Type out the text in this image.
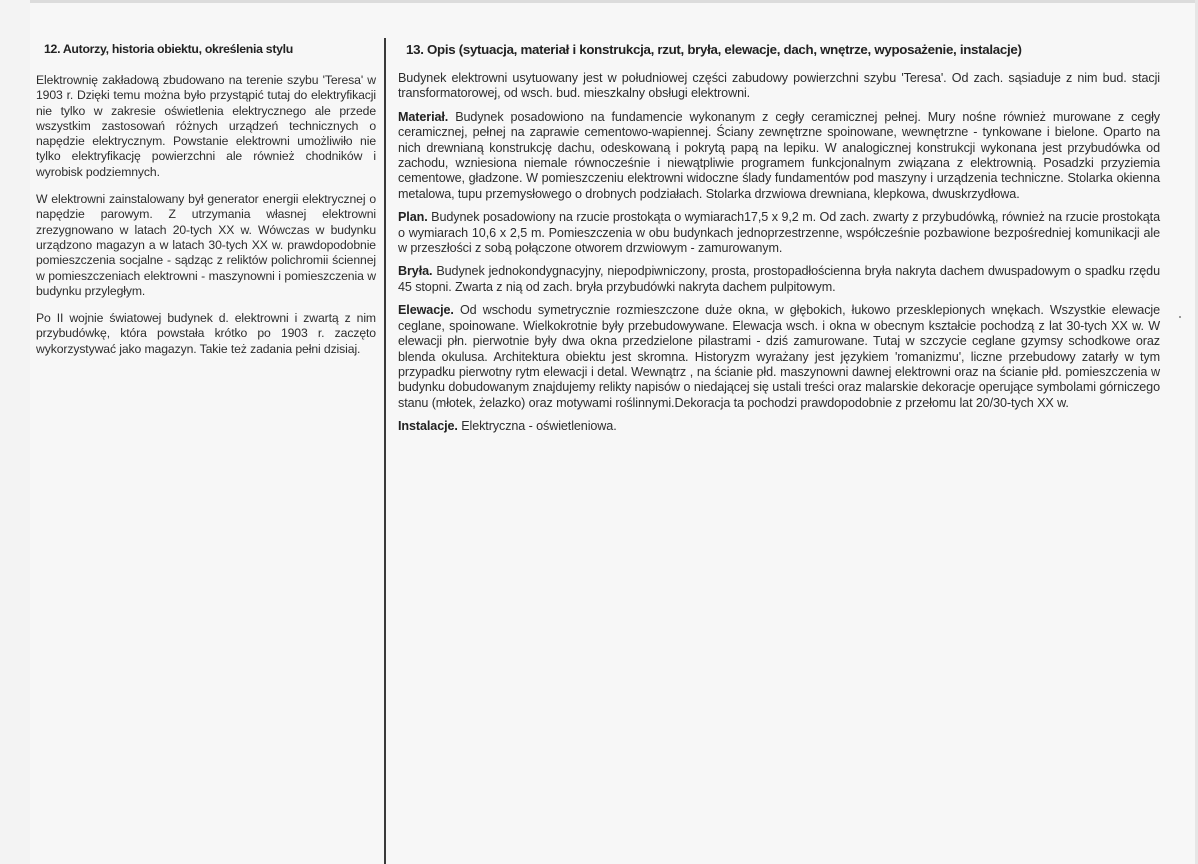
12. Autorzy, historia obiektu, określenia stylu

Elektrownię zakładową zbudowano na terenie szybu 'Teresa' w 1903 r. Dzięki temu można było przystąpić tutaj do elektryfikacji nie tylko w zakresie oświetlenia elektrycznego ale przede wszystkim zastosowań różnych urządzeń technicznych o napędzie elektrycznym. Powstanie elektrowni umożliwiło nie tylko elektryfikację powierzchni ale również chodników i wyrobisk podziemnych.

W elektrowni zainstalowany był generator energii elektrycznej o napędzie parowym. Z utrzymania własnej elektrowni zrezygnowano w latach 20-tych XX w. Wówczas w budynku urządzono magazyn a w latach 30-tych XX w. prawdopodobnie pomieszczenia socjalne - sądząc z reliktów polichromii ściennej w pomieszczeniach elektrowni - maszynowni i pomieszczenia w budynku przyległym.

Po II wojnie światowej budynek d. elektrowni i zwartą z nim przybudówkę, która powstała krótko po 1903 r. zaczęto wykorzystywać jako magazyn. Takie też zadania pełni dzisiaj.

13. Opis (sytuacja, materiał i konstrukcja, rzut, bryła, elewacje, dach, wnętrze, wyposażenie, instalacje)

Budynek elektrowni usytuowany jest w południowej części zabudowy powierzchni szybu 'Teresa'. Od zach. sąsiaduje z nim bud. stacji transformatorowej, od wsch. bud. mieszkalny obsługi elektrowni.

Materiał. Budynek posadowiono na fundamencie wykonanym z cegły ceramicznej pełnej. Mury nośne również murowane z cegły ceramicznej, pełnej na zaprawie cementowo-wapiennej. Ściany zewnętrzne spoinowane, wewnętrzne - tynkowane i bielone. Oparto na nich drewnianą konstrukcję dachu, odeskowaną i pokrytą papą na lepiku. W analogicznej konstrukcji wykonana jest przybudówka od zachodu, wzniesiona niemale równocześnie i niewątpliwie programem funkcjonalnym związana z elektrownią. Posadzki przyziemia cementowe, gładzone. W pomieszczeniu elektrowni widoczne ślady fundamentów pod maszyny i urządzenia techniczne. Stolarka okienna metalowa, tupu przemysłowego o drobnych podziałach. Stolarka drzwiowa drewniana, klepkowa, dwuskrzydłowa.

Plan. Budynek posadowiony na rzucie prostokąta o wymiarach17,5 x 9,2 m. Od zach. zwarty z przybudówką, również na rzucie prostokąta o wymiarach 10,6 x 2,5 m. Pomieszczenia w obu budynkach jednoprzestrzenne, współcześnie pozbawione bezpośredniej komunikacji ale w przeszłości z sobą połączone otworem drzwiowym - zamurowanym.

Bryła. Budynek jednokondygnacyjny, niepodpiwniczony, prosta, prostopadłościenna bryła nakryta dachem dwuspadowym o spadku rzędu 45 stopni. Zwarta z nią od zach. bryła przybudówki nakryta dachem pulpitowym.

Elewacje. Od wschodu symetrycznie rozmieszczone duże okna, w głębokich, łukowo przesklepionych wnękach. Wszystkie elewacje ceglane, spoinowane. Wielkokrotnie były przebudowywane. Elewacja wsch. i okna w obecnym kształcie pochodzą z lat 30-tych XX w. W elewacji płn. pierwotnie były dwa okna przedzielone pilastrami - dziś zamurowane. Tutaj w szczycie ceglane gzymsy schodkowe oraz blenda okulusa. Architektura obiektu jest skromna. Historyzm wyrażany jest językiem 'romanizmu', liczne przebudowy zatarły w tym przypadku pierwotny rytm elewacji i detal. Wewnątrz , na ścianie płd. maszynowni dawnej elektrowni oraz na ścianie płd. pomieszczenia w budynku dobudowanym znajdujemy relikty napisów o niedającej się ustali treści oraz malarskie dekoracje operujące symbolami górniczego stanu (młotek, żelazko) oraz motywami roślinnymi.Dekoracja ta pochodzi prawdopodobnie z przełomu lat 20/30-tych XX w.

Instalacje. Elektryczna - oświetleniowa.
